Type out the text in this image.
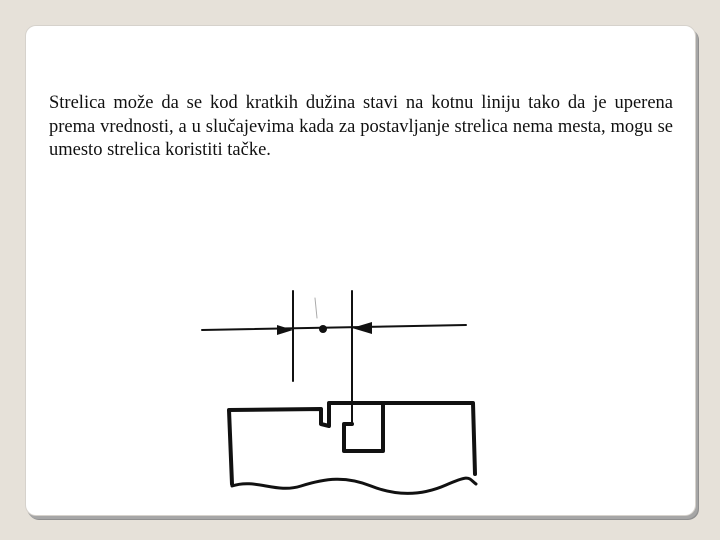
Strelica može da se kod kratkih dužina stavi na kotnu liniju tako da je uperena prema vrednosti, a u slučajevima kada za postavljanje strelica nema mesta, mogu se umesto strelica koristiti tačke.
